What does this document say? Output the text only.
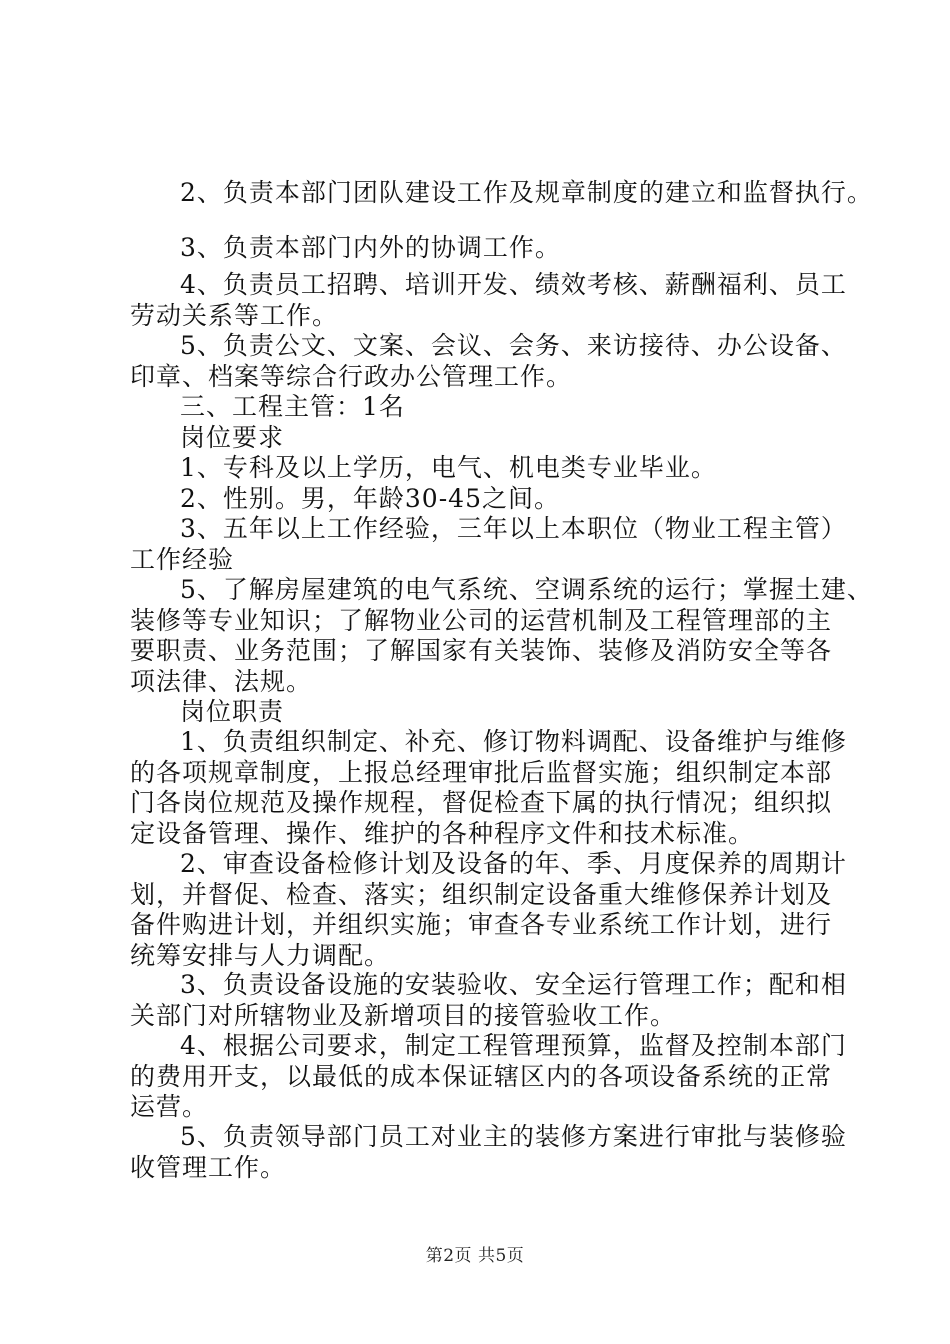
2、负责本部门团队建设工作及规章制度的建立和监督执行。
3、负责本部门内外的协调工作。
4、负责员工招聘、培训开发、绩效考核、薪酬福利、员工
劳动关系等工作。
5、负责公文、文案、会议、会务、来访接待、办公设备、
印章、档案等综合行政办公管理工作。
三、工程主管：1名
岗位要求
1、专科及以上学历，电气、机电类专业毕业。
2、性别。男，年龄30-45之间。
3、五年以上工作经验，三年以上本职位（物业工程主管）
工作经验
5、了解房屋建筑的电气系统、空调系统的运行；掌握土建、
装修等专业知识；了解物业公司的运营机制及工程管理部的主
要职责、业务范围；了解国家有关装饰、装修及消防安全等各
项法律、法规。
岗位职责
1、负责组织制定、补充、修订物料调配、设备维护与维修
的各项规章制度，上报总经理审批后监督实施；组织制定本部
门各岗位规范及操作规程，督促检查下属的执行情况；组织拟
定设备管理、操作、维护的各种程序文件和技术标准。
2、审查设备检修计划及设备的年、季、月度保养的周期计
划，并督促、检查、落实；组织制定设备重大维修保养计划及
备件购进计划，并组织实施；审查各专业系统工作计划，进行
统筹安排与人力调配。
3、负责设备设施的安装验收、安全运行管理工作；配和相
关部门对所辖物业及新增项目的接管验收工作。
4、根据公司要求，制定工程管理预算，监督及控制本部门
的费用开支，以最低的成本保证辖区内的各项设备系统的正常
运营。
5、负责领导部门员工对业主的装修方案进行审批与装修验
收管理工作。
第2页 共5页
